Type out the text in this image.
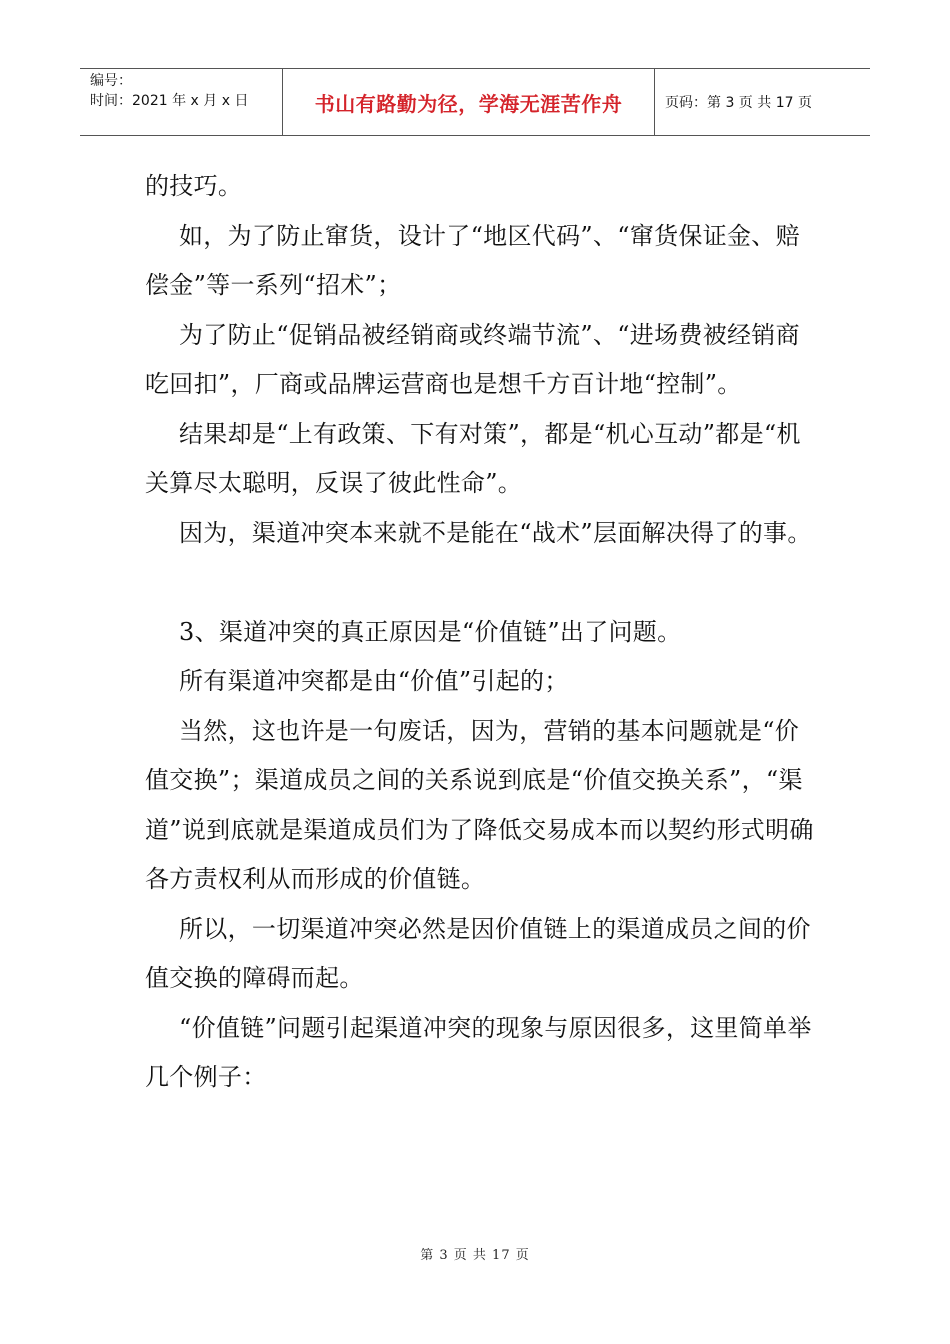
编号：
时间：2021 年 x 月 x 日	书山有路勤为径，学海无涯苦作舟	页码：第 3 页 共 17 页

的技巧。

如，为了防止窜货，设计了“地区代码”、“窜货保证金、赔偿金”等一系列“招术”；

为了防止“促销品被经销商或终端节流”、“进场费被经销商吃回扣”，厂商或品牌运营商也是想千方百计地“控制”。

结果却是“上有政策、下有对策”，都是“机心互动”都是“机关算尽太聪明，反误了彼此性命”。

因为，渠道冲突本来就不是能在“战术”层面解决得了的事。

3、渠道冲突的真正原因是“价值链”出了问题。

所有渠道冲突都是由“价值”引起的；

当然，这也许是一句废话，因为，营销的基本问题就是“价值交换”；渠道成员之间的关系说到底是“价值交换关系”，“渠道”说到底就是渠道成员们为了降低交易成本而以契约形式明确各方责权利从而形成的价值链。

所以，一切渠道冲突必然是因价值链上的渠道成员之间的价值交换的障碍而起。

“价值链”问题引起渠道冲突的现象与原因很多，这里简单举几个例子：

第 3 页 共 17 页
